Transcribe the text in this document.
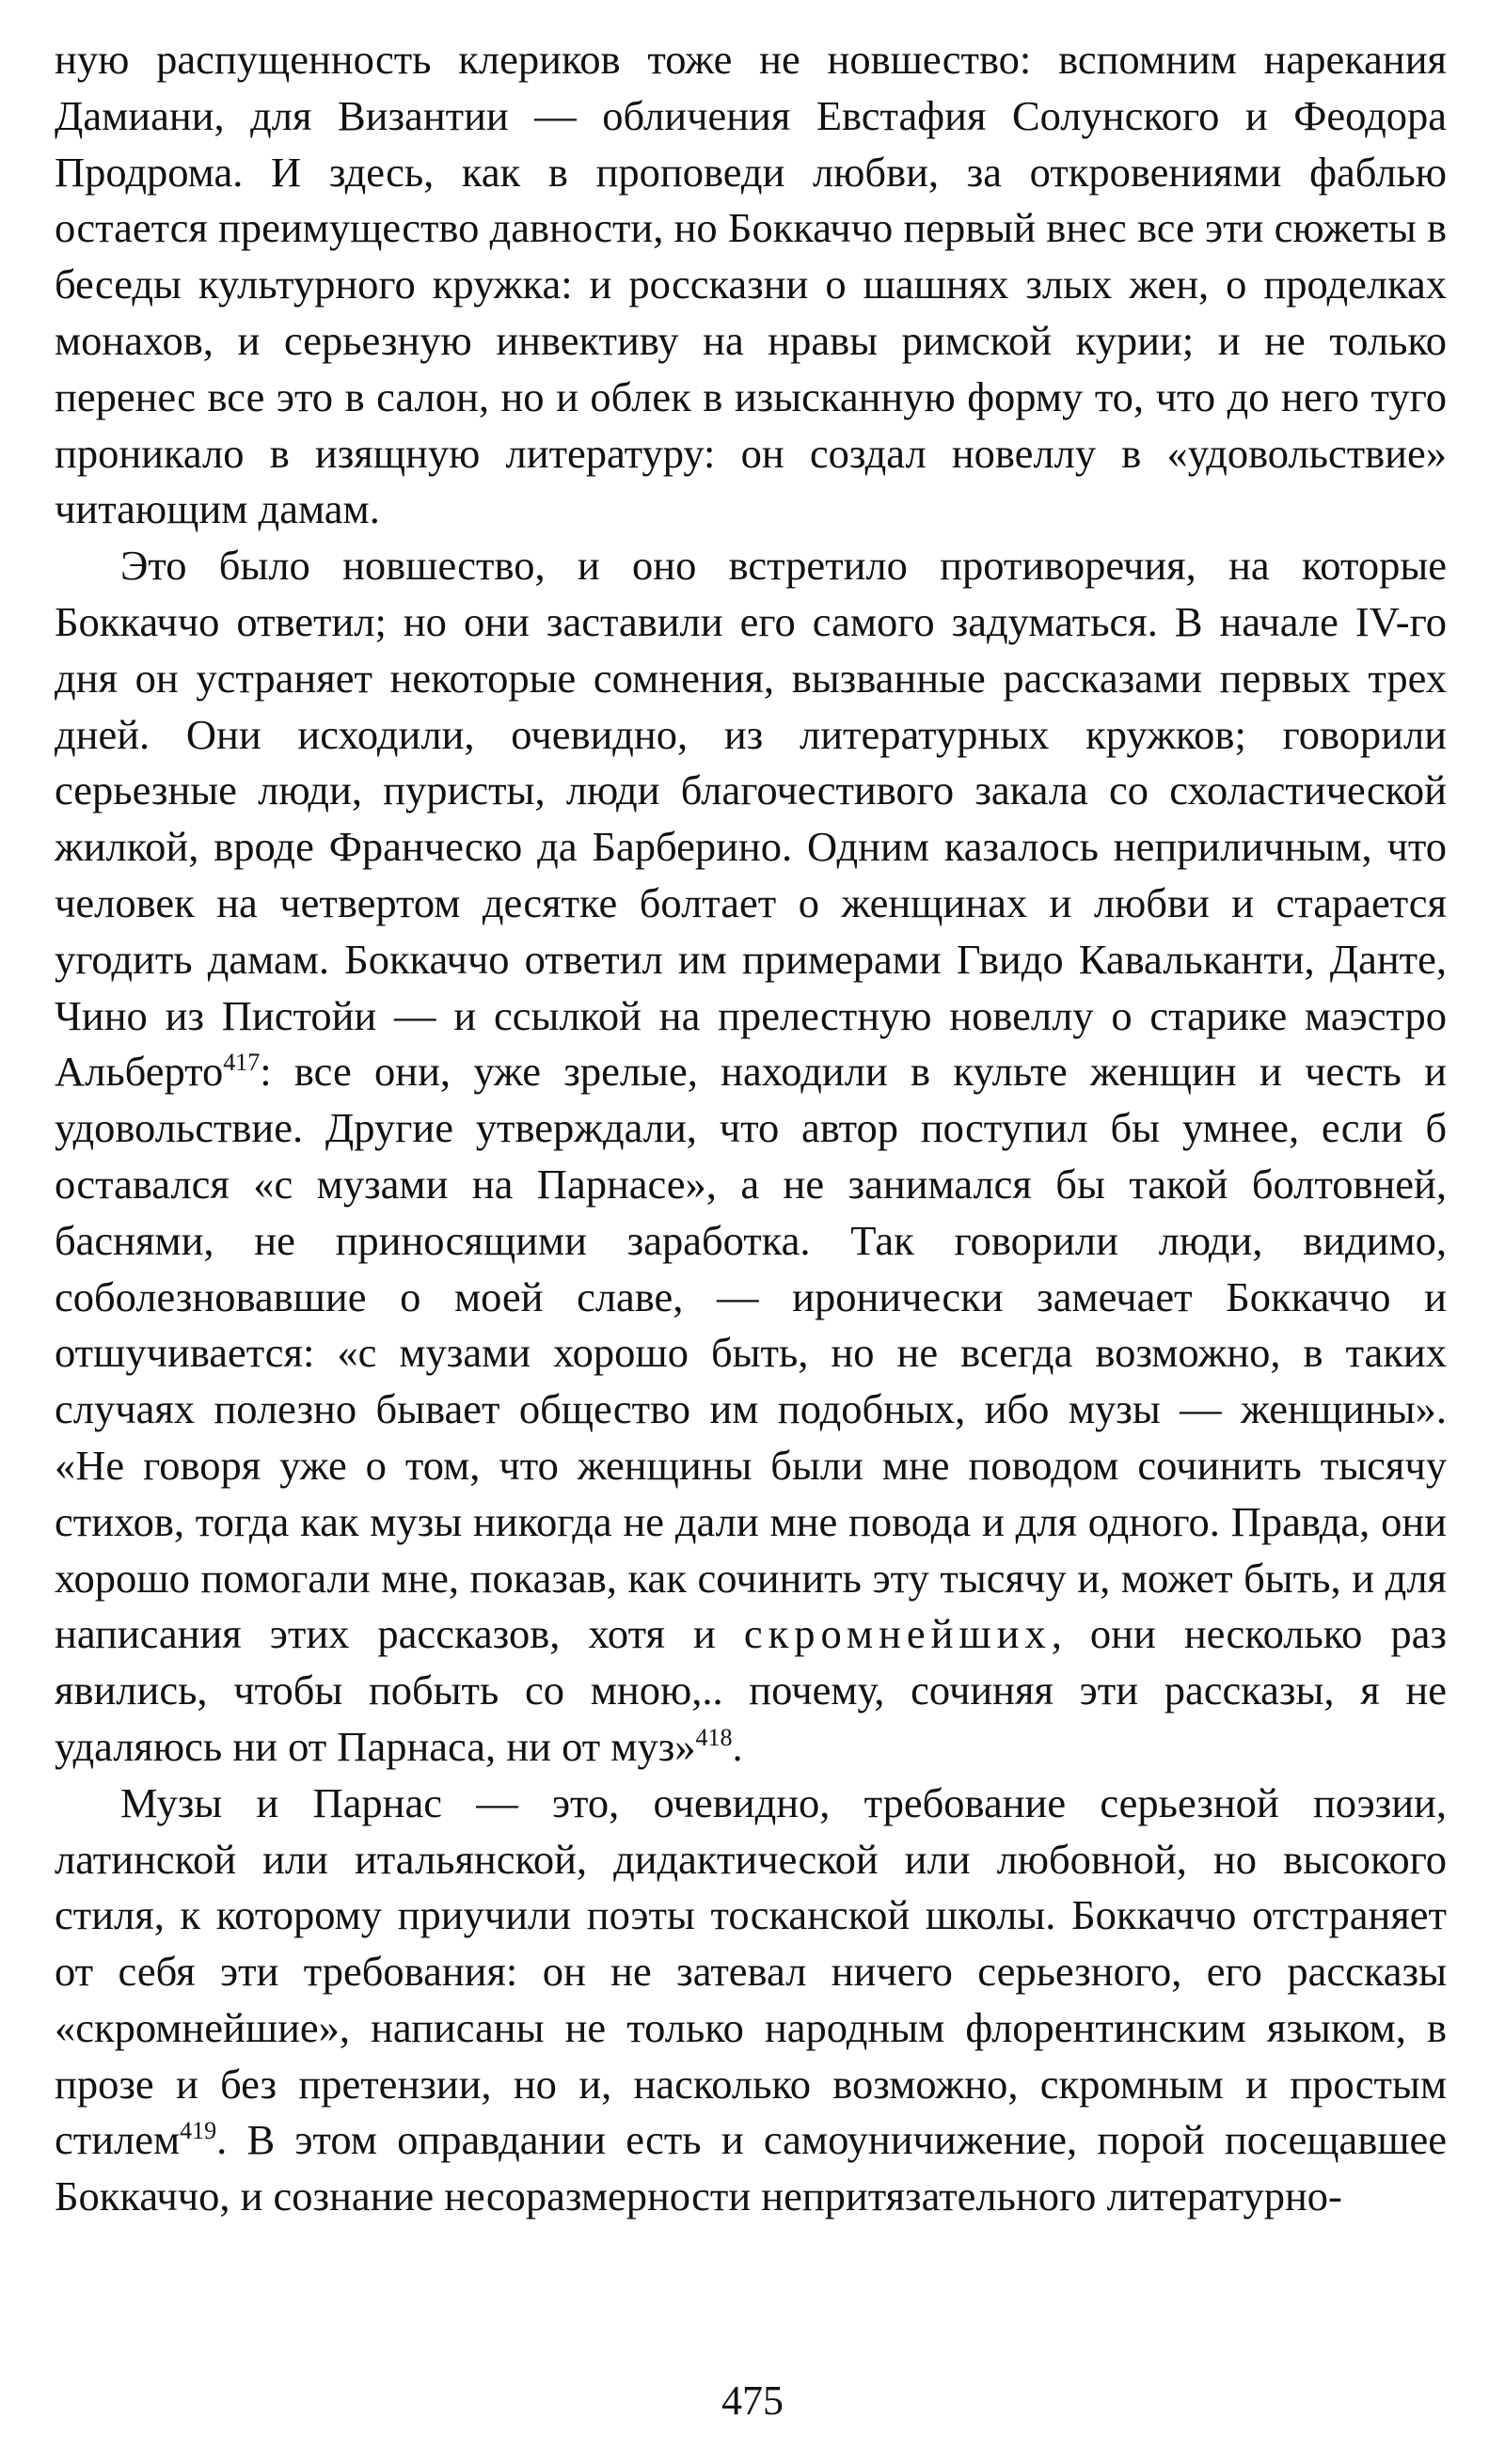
ную распущенность клериков тоже не новшество: вспомним нарекания Дамиани, для Византии — обличения Евстафия Солунского и Феодора Продрома. И здесь, как в проповеди любви, за откровениями фаблью остается преимущество давности, но Боккаччо первый внес все эти сюжеты в беседы культурного кружка: и россказни о шашнях злых жен, о проделках монахов, и серьезную инвективу на нравы римской курии; и не только перенес все это в салон, но и облек в изысканную форму то, что до него туго проникало в изящную литературу: он создал новеллу в «удовольствие» читающим дамам.

Это было новшество, и оно встретило противоречия, на которые Боккаччо ответил; но они заставили его самого задуматься. В начале IV-го дня он устраняет некоторые сомнения, вызванные рассказами первых трех дней. Они исходили, очевидно, из литературных кружков; говорили серьезные люди, пуристы, люди благочестивого закала со схоластической жилкой, вроде Франческо да Барберино. Одним казалось неприличным, что человек на четвертом десятке болтает о женщинах и любви и старается угодить дамам. Боккаччо ответил им примерами Гвидо Кавальканти, Данте, Чино из Пистойи — и ссылкой на прелестную новеллу о старике маэстро Альберто$^{417}$: все они, уже зрелые, находили в культе женщин и честь и удовольствие. Другие утверждали, что автор поступил бы умнее, если б оставался «с музами на Парнасе», а не занимался бы такой болтовней, баснями, не приносящими заработка. Так говорили люди, видимо, соболезновавшие о моей славе, — иронически замечает Боккаччо и отшучивается: «с музами хорошо быть, но не всегда возможно, в таких случаях полезно бывает общество им подобных, ибо музы — женщины». «Не говоря уже о том, что женщины были мне поводом сочинить тысячу стихов, тогда как музы никогда не дали мне повода и для одного. Правда, они хорошо помогали мне, показав, как сочинить эту тысячу и, может быть, и для написания этих рассказов, хотя и скромнейших, они несколько раз явились, чтобы побыть со мною,.. почему, сочиняя эти рассказы, я не удаляюсь ни от Парнаса, ни от муз»$^{418}$.

Музы и Парнас — это, очевидно, требование серьезной поэзии, латинской или итальянской, дидактической или любовной, но высокого стиля, к которому приучили поэты тосканской школы. Боккаччо отстраняет от себя эти требования: он не затевал ничего серьезного, его рассказы «скромнейшие», написаны не только народным флорентинским языком, в прозе и без претензии, но и, насколько возможно, скромным и простым стилем$^{419}$. В этом оправдании есть и самоуничижение, порой посещавшее Боккаччо, и сознание несоразмерности непритязательного литературно-

475
